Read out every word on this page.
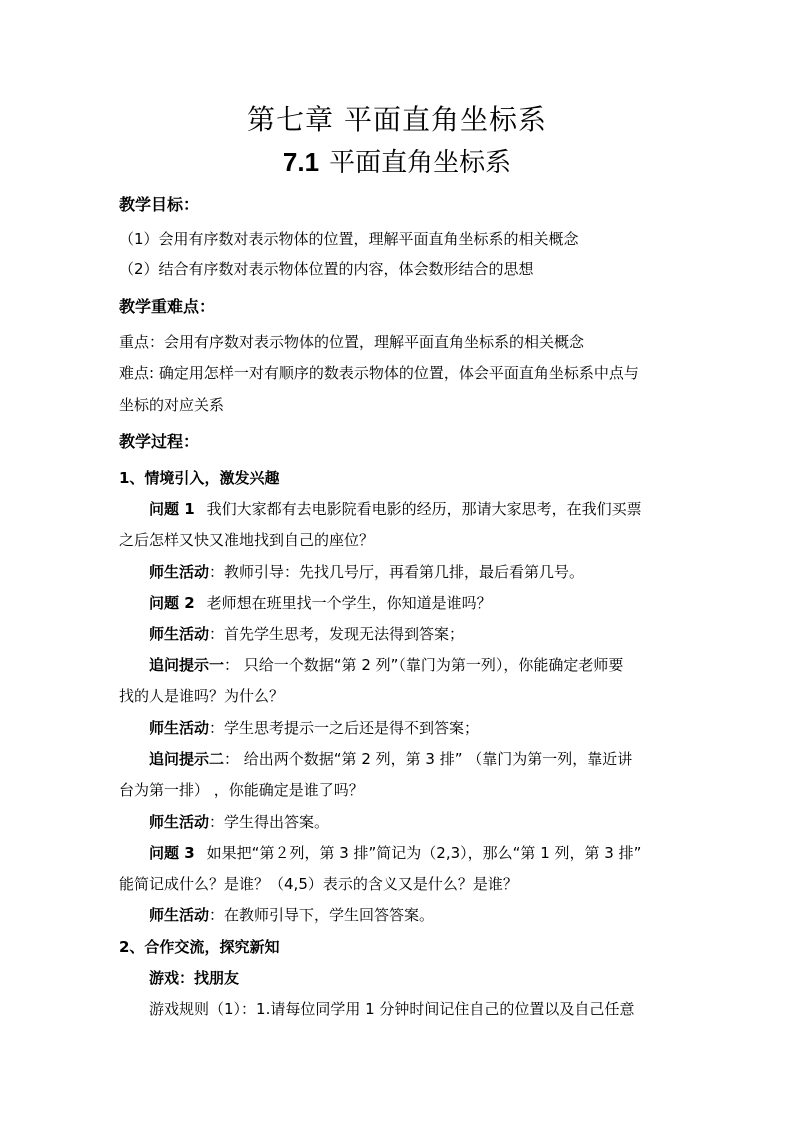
第七章 平面直角坐标系
7.1 平面直角坐标系
教学目标：
（1）会用有序数对表示物体的位置，理解平面直角坐标系的相关概念
（2）结合有序数对表示物体位置的内容，体会数形结合的思想
教学重难点：
重点：会用有序数对表示物体的位置，理解平面直角坐标系的相关概念
难点: 确定用怎样一对有顺序的数表示物体的位置，体会平面直角坐标系中点与
坐标的对应关系
教学过程：
1、情境引入，激发兴趣
问题 1 我们大家都有去电影院看电影的经历，那请大家思考，在我们买票
之后怎样又快又准地找到自己的座位？
师生活动：教师引导：先找几号厅，再看第几排，最后看第几号。
问题 2 老师想在班里找一个学生，你知道是谁吗？
师生活动：首先学生思考，发现无法得到答案；
追问提示一： 只给一个数据“第 2 列”（靠门为第一列），你能确定老师要
找的人是谁吗？为什么？
师生活动：学生思考提示一之后还是得不到答案；
追问提示二： 给出两个数据“第 2 列，第 3 排” （靠门为第一列，靠近讲
台为第一排） ，你能确定是谁了吗？
师生活动：学生得出答案。
问题 3 如果把“第２列，第 3 排”简记为（2,3），那么“第 1 列，第 3 排”
能简记成什么？是谁？（4,5）表示的含义又是什么？是谁？
师生活动：在教师引导下，学生回答答案。
2、合作交流，探究新知
游戏：找朋友
游戏规则（1）：1.请每位同学用 1 分钟时间记住自己的位置以及自己任意
